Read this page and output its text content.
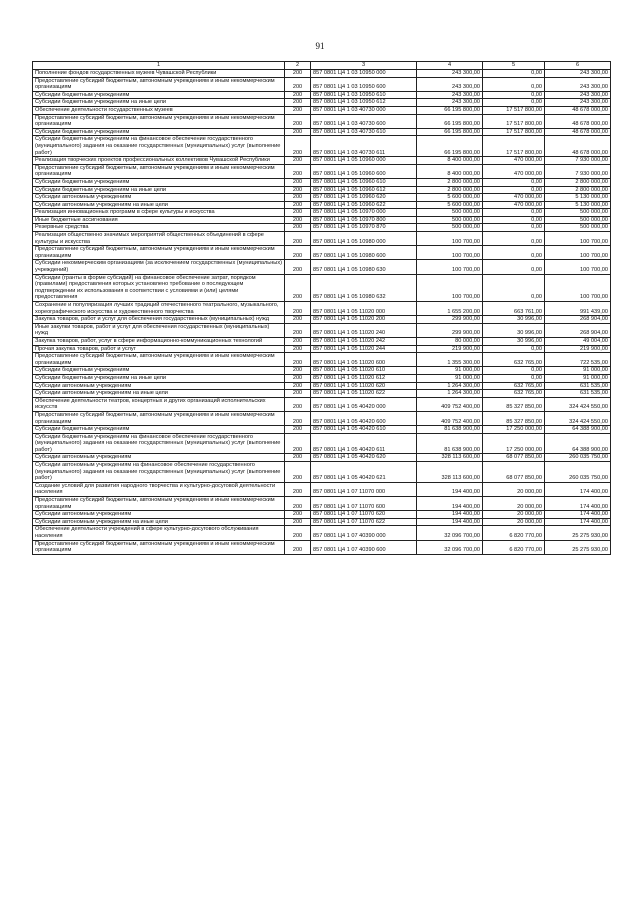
91
1	2	3	4	5	6
Пополнение фондов государственных музеев Чувашской Республики	200	857 0801 Ц4 1 03 10950 000	243 300,00	0,00	243 300,00
Предоставление субсидий бюджетным, автономным учреждениям и иным некоммерческим организациям	200	857 0801 Ц4 1 03 10950 600	243 300,00	0,00	243 300,00
Субсидии бюджетным учреждениям	200	857 0801 Ц4 1 03 10950 610	243 300,00	0,00	243 300,00
Субсидии бюджетным учреждениям на иные цели	200	857 0801 Ц4 1 03 10950 612	243 300,00	0,00	243 300,00
Обеспечение деятельности государственных музеев	200	857 0801 Ц4 1 03 40730 000	66 195 800,00	17 517 800,00	48 678 000,00
Предоставление субсидий бюджетным, автономным учреждениям и иным некоммерческим организациям	200	857 0801 Ц4 1 03 40730 600	66 195 800,00	17 517 800,00	48 678 000,00
Субсидии бюджетным учреждениям	200	857 0801 Ц4 1 03 40730 610	66 195 800,00	17 517 800,00	48 678 000,00
Субсидии бюджетным учреждениям на финансовое обеспечение государственного (муниципального) задания на оказание государственных (муниципальных) услуг (выполнение работ)	200	857 0801 Ц4 1 03 40730 611	66 195 800,00	17 517 800,00	48 678 000,00
Реализация творческих проектов профессиональных коллективов Чувашской Республики	200	857 0801 Ц4 1 05 10960 000	8 400 000,00	470 000,00	7 930 000,00
Предоставление субсидий бюджетным, автономным учреждениям и иным некоммерческим организациям	200	857 0801 Ц4 1 05 10960 600	8 400 000,00	470 000,00	7 930 000,00
Субсидии бюджетным учреждениям	200	857 0801 Ц4 1 05 10960 610	2 800 000,00	0,00	2 800 000,00
Субсидии бюджетным учреждениям на иные цели	200	857 0801 Ц4 1 05 10960 612	2 800 000,00	0,00	2 800 000,00
Субсидии автономным учреждениям	200	857 0801 Ц4 1 05 10960 620	5 600 000,00	470 000,00	5 130 000,00
Субсидии автономным учреждениям на иные цели	200	857 0801 Ц4 1 05 10960 622	5 600 000,00	470 000,00	5 130 000,00
Реализация инновационных программ в сфере культуры и искусства	200	857 0801 Ц4 1 05 10970 000	500 000,00	0,00	500 000,00
Иные бюджетные ассигнования	200	857 0801 Ц4 1 05 10970 800	500 000,00	0,00	500 000,00
Резервные средства	200	857 0801 Ц4 1 05 10970 870	500 000,00	0,00	500 000,00
Реализация общественно значимых мероприятий общественных объединений в сфере культуры и искусства	200	857 0801 Ц4 1 05 10980 000	100 700,00	0,00	100 700,00
Предоставление субсидий бюджетным, автономным учреждениям и иным некоммерческим организациям	200	857 0801 Ц4 1 05 10980 600	100 700,00	0,00	100 700,00
Субсидии некоммерческим организациям (за исключением государственных (муниципальных) учреждений)	200	857 0801 Ц4 1 05 10980 630	100 700,00	0,00	100 700,00
Субсидии (гранты в форме субсидий) на финансовое обеспечение затрат, порядком (правилами) предоставления которых установлено требование о последующем подтверждении их использования в соответствии с условиями и (или) целями предоставления	200	857 0801 Ц4 1 05 10980 632	100 700,00	0,00	100 700,00
Сохранение и популяризация лучших традиций отечественного театрального, музыкального, хореографического искусства и художественного творчества	200	857 0801 Ц4 1 05 11020 000	1 655 200,00	663 761,00	991 439,00
Закупка товаров, работ и услуг для обеспечения государственных (муниципальных) нужд	200	857 0801 Ц4 1 05 11020 200	299 900,00	30 996,00	268 904,00
Иные закупки товаров, работ и услуг для обеспечения государственных (муниципальных) нужд	200	857 0801 Ц4 1 05 11020 240	299 900,00	30 996,00	268 904,00
Закупка товаров, работ, услуг в сфере информационно-коммуникационных технологий	200	857 0801 Ц4 1 05 11020 242	80 000,00	30 996,00	49 004,00
Прочая закупка товаров, работ и услуг	200	857 0801 Ц4 1 05 11020 244	219 900,00	0,00	219 900,00
Предоставление субсидий бюджетным, автономным учреждениям и иным некоммерческим организациям	200	857 0801 Ц4 1 05 11020 600	1 355 300,00	632 765,00	722 535,00
Субсидии бюджетным учреждениям	200	857 0801 Ц4 1 05 11020 610	91 000,00	0,00	91 000,00
Субсидии бюджетным учреждениям на иные цели	200	857 0801 Ц4 1 05 11020 612	91 000,00	0,00	91 000,00
Субсидии автономным учреждениям	200	857 0801 Ц4 1 05 11020 620	1 264 300,00	632 765,00	631 535,00
Субсидии автономным учреждениям на иные цели	200	857 0801 Ц4 1 05 11020 622	1 264 300,00	632 765,00	631 535,00
Обеспечение деятельности театров, концертных и других организаций исполнительских искусств	200	857 0801 Ц4 1 05 40420 000	409 752 400,00	85 327 850,00	324 424 550,00
Предоставление субсидий бюджетным, автономным учреждениям и иным некоммерческим организациям	200	857 0801 Ц4 1 05 40420 600	409 752 400,00	85 327 850,00	324 424 550,00
Субсидии бюджетным учреждениям	200	857 0801 Ц4 1 05 40420 610	81 638 900,00	17 250 000,00	64 388 900,00
Субсидии бюджетным учреждениям на финансовое обеспечение государственного (муниципального) задания на оказание государственных (муниципальных) услуг (выполнение работ)	200	857 0801 Ц4 1 05 40420 611	81 638 900,00	17 250 000,00	64 388 900,00
Субсидии автономным учреждениям	200	857 0801 Ц4 1 05 40420 620	328 113 600,00	68 077 850,00	260 035 750,00
Субсидии автономным учреждениям на финансовое обеспечение государственного (муниципального) задания на оказание государственных (муниципальных) услуг (выполнение работ)	200	857 0801 Ц4 1 05 40420 621	328 113 600,00	68 077 850,00	260 035 750,00
Создание условий для развития народного творчества и культурно-досуговой деятельности населения	200	857 0801 Ц4 1 07 11070 000	194 400,00	20 000,00	174 400,00
Предоставление субсидий бюджетным, автономным учреждениям и иным некоммерческим организациям	200	857 0801 Ц4 1 07 11070 600	194 400,00	20 000,00	174 400,00
Субсидии автономным учреждениям	200	857 0801 Ц4 1 07 11070 620	194 400,00	20 000,00	174 400,00
Субсидии автономным учреждениям на иные цели	200	857 0801 Ц4 1 07 11070 622	194 400,00	20 000,00	174 400,00
Обеспечение деятельности учреждений в сфере культурно-досугового обслуживания населения	200	857 0801 Ц4 1 07 40390 000	32 096 700,00	6 820 770,00	25 275 930,00
Предоставление субсидий бюджетным, автономным учреждениям и иным некоммерческим организациям	200	857 0801 Ц4 1 07 40390 600	32 096 700,00	6 820 770,00	25 275 930,00
